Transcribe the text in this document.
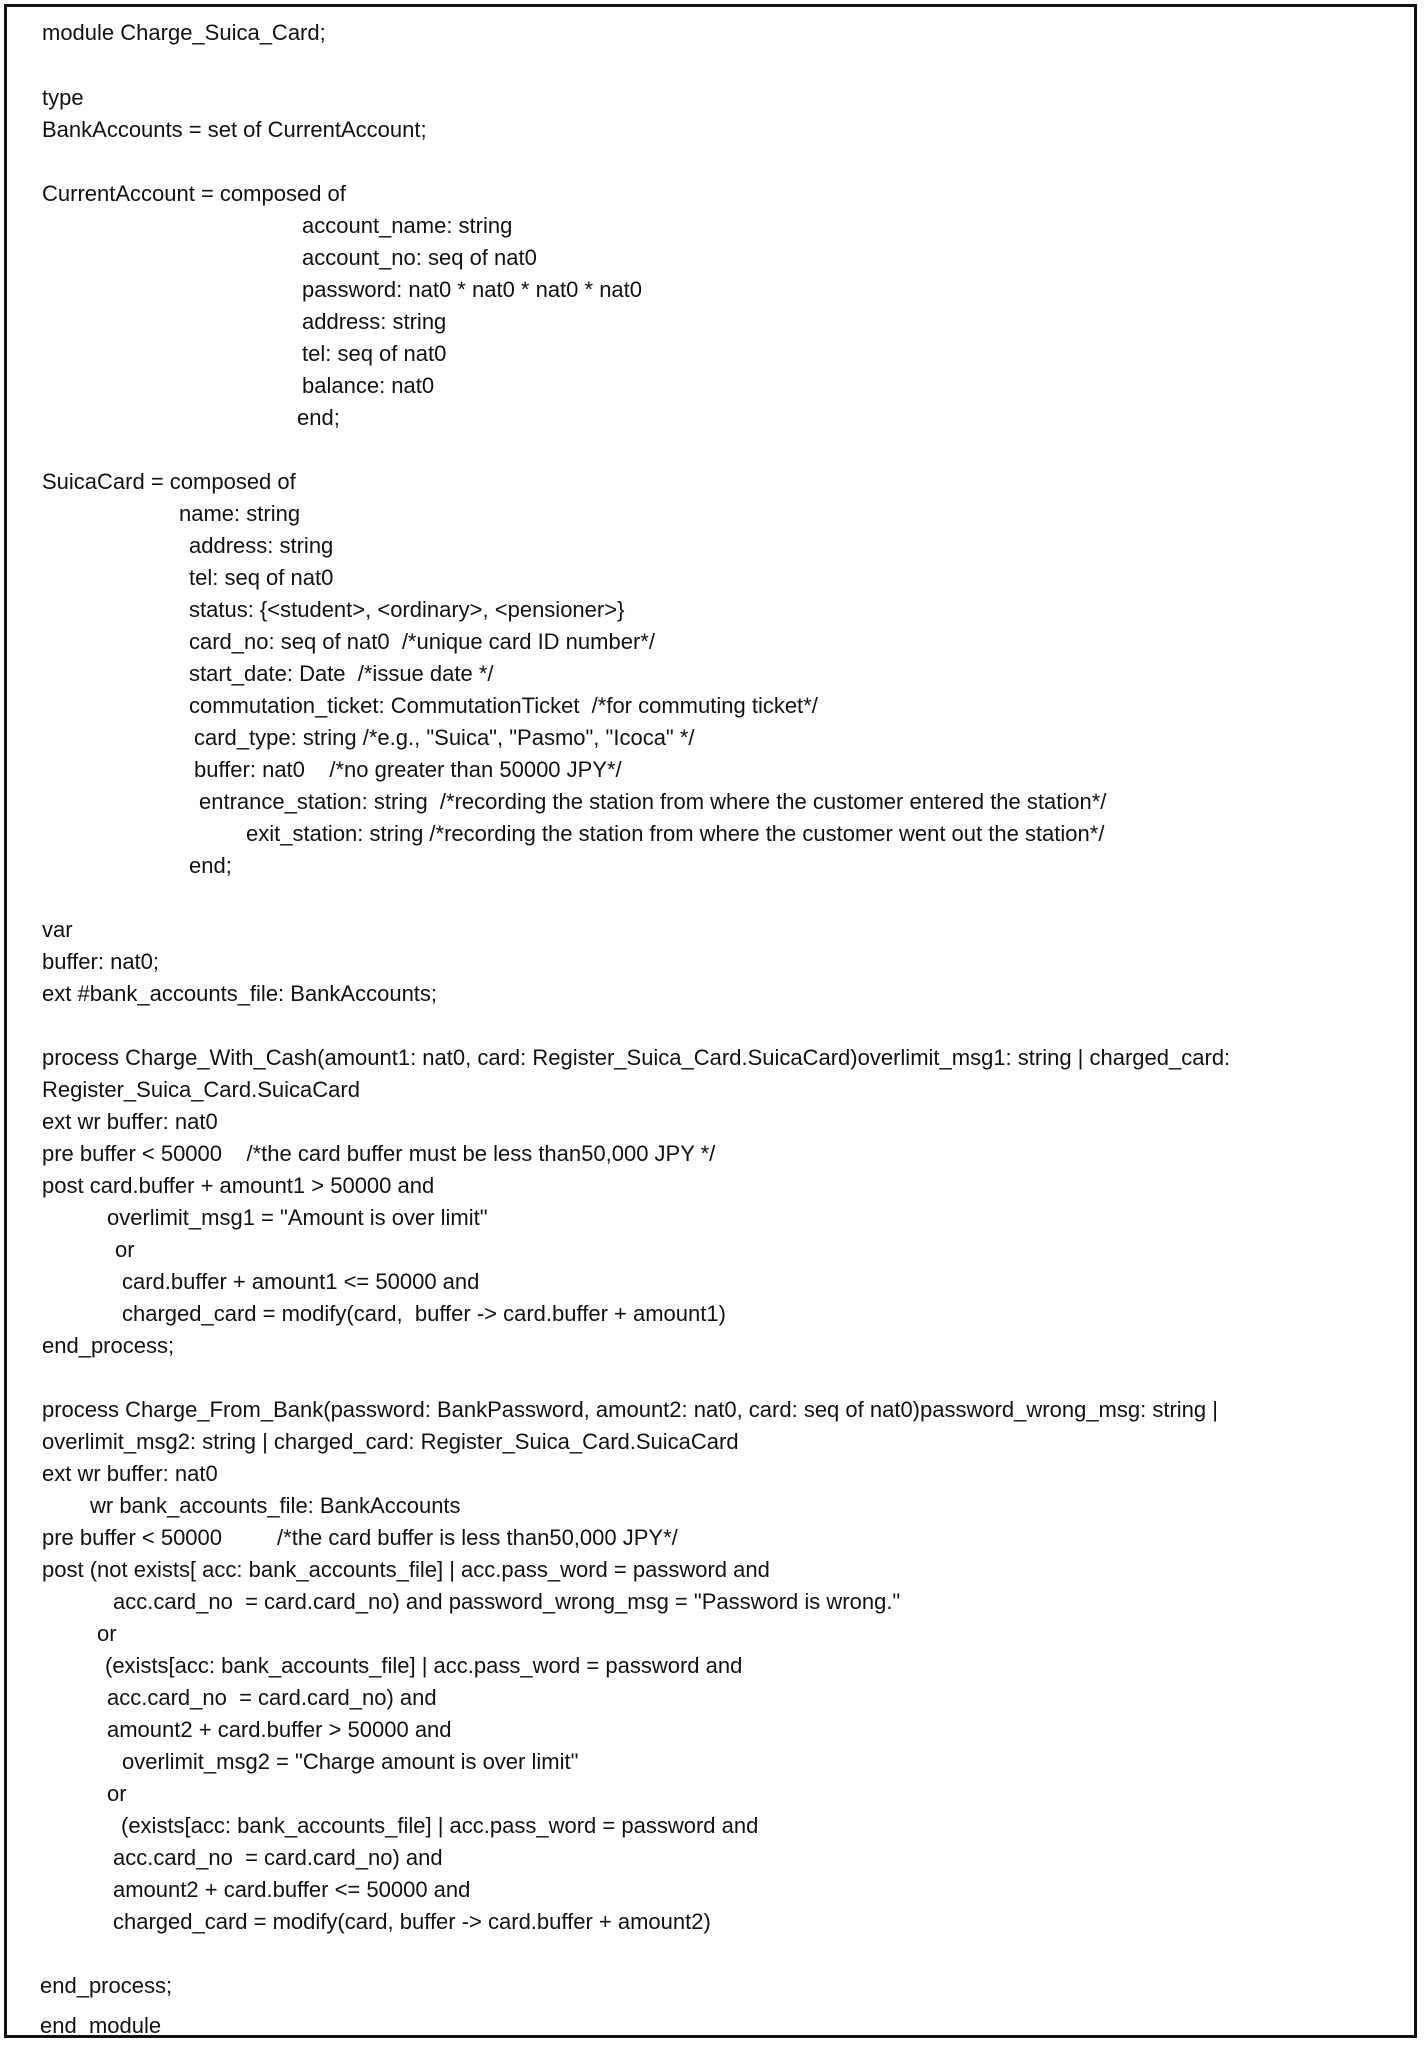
module Charge_Suica_Card;
type
BankAccounts = set of CurrentAccount;
CurrentAccount = composed of
account_name: string
account_no: seq of nat0
password: nat0 * nat0 * nat0 * nat0
address: string
tel: seq of nat0
balance: nat0
end;
SuicaCard = composed of
name: string
address: string
tel: seq of nat0
status: {<student>, <ordinary>, <pensioner>}
card_no: seq of nat0  /*unique card ID number*/
start_date: Date  /*issue date */
commutation_ticket: CommutationTicket  /*for commuting ticket*/
card_type: string /*e.g., "Suica", "Pasmo", "Icoca" */
buffer: nat0    /*no greater than 50000 JPY*/
entrance_station: string  /*recording the station from where the customer entered the station*/
exit_station: string /*recording the station from where the customer went out the station*/
end;
var
buffer: nat0;
ext #bank_accounts_file: BankAccounts;
process Charge_With_Cash(amount1: nat0, card: Register_Suica_Card.SuicaCard)overlimit_msg1: string | charged_card:
Register_Suica_Card.SuicaCard
ext wr buffer: nat0
pre buffer < 50000    /*the card buffer must be less than50,000 JPY */
post card.buffer + amount1 > 50000 and
overlimit_msg1 = "Amount is over limit"
or
card.buffer + amount1 <= 50000 and
charged_card = modify(card,  buffer -> card.buffer + amount1)
end_process;
process Charge_From_Bank(password: BankPassword, amount2: nat0, card: seq of nat0)password_wrong_msg: string |
overlimit_msg2: string | charged_card: Register_Suica_Card.SuicaCard
ext wr buffer: nat0
wr bank_accounts_file: BankAccounts
pre buffer < 50000         /*the card buffer is less than50,000 JPY*/
post (not exists[ acc: bank_accounts_file] | acc.pass_word = password and
acc.card_no  = card.card_no) and password_wrong_msg = "Password is wrong."
or
(exists[acc: bank_accounts_file] | acc.pass_word = password and
acc.card_no  = card.card_no) and
amount2 + card.buffer > 50000 and
overlimit_msg2 = "Charge amount is over limit"
or
(exists[acc: bank_accounts_file] | acc.pass_word = password and
acc.card_no  = card.card_no) and
amount2 + card.buffer <= 50000 and
charged_card = modify(card, buffer -> card.buffer + amount2)
end_process;
end_module
